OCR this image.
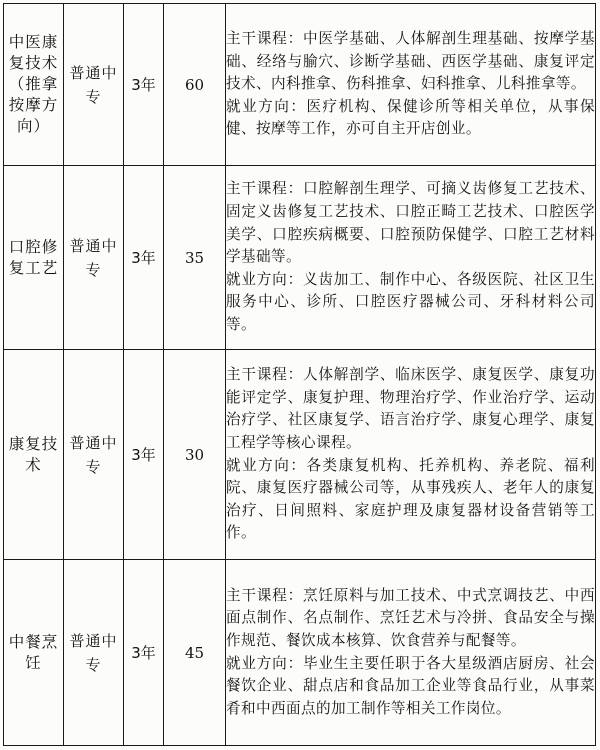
中医康复技术（推拿按摩方向）	普通中专	3年	60	主干课程：中医学基础、人体解剖生理基础、按摩学基础、经络与腧穴、诊断学基础、西医学基础、康复评定技术、内科推拿、伤科推拿、妇科推拿、儿科推拿等。

就业方向：医疗机构、保健诊所等相关单位，从事保健、按摩等工作，亦可自主开店创业。

口腔修复工艺	普通中专	3年	35	主干课程：口腔解剖生理学、可摘义齿修复工艺技术、固定义齿修复工艺技术、口腔正畸工艺技术、口腔医学美学、口腔疾病概要、口腔预防保健学、口腔工艺材料学基础等。

就业方向：义齿加工、制作中心、各级医院、社区卫生服务中心、诊所、口腔医疗器械公司、牙科材料公司等。

康复技术	普通中专	3年	30	主干课程：人体解剖学、临床医学、康复医学、康复功能评定学、康复护理、物理治疗学、作业治疗学、运动治疗学、社区康复学、语言治疗学、康复心理学、康复工程学等核心课程。

就业方向：各类康复机构、托养机构、养老院、福利院、康复医疗器械公司等，从事残疾人、老年人的康复治疗、日间照料、家庭护理及康复器材设备营销等工作。

中餐烹饪	普通中专	3年	45	主干课程：烹饪原料与加工技术、中式烹调技艺、中西面点制作、名点制作、烹饪艺术与冷拼、食品安全与操作规范、餐饮成本核算、饮食营养与配餐等。

就业方向：毕业生主要任职于各大星级酒店厨房、社会餐饮企业、甜点店和食品加工企业等食品行业，从事菜肴和中西面点的加工制作等相关工作岗位。
